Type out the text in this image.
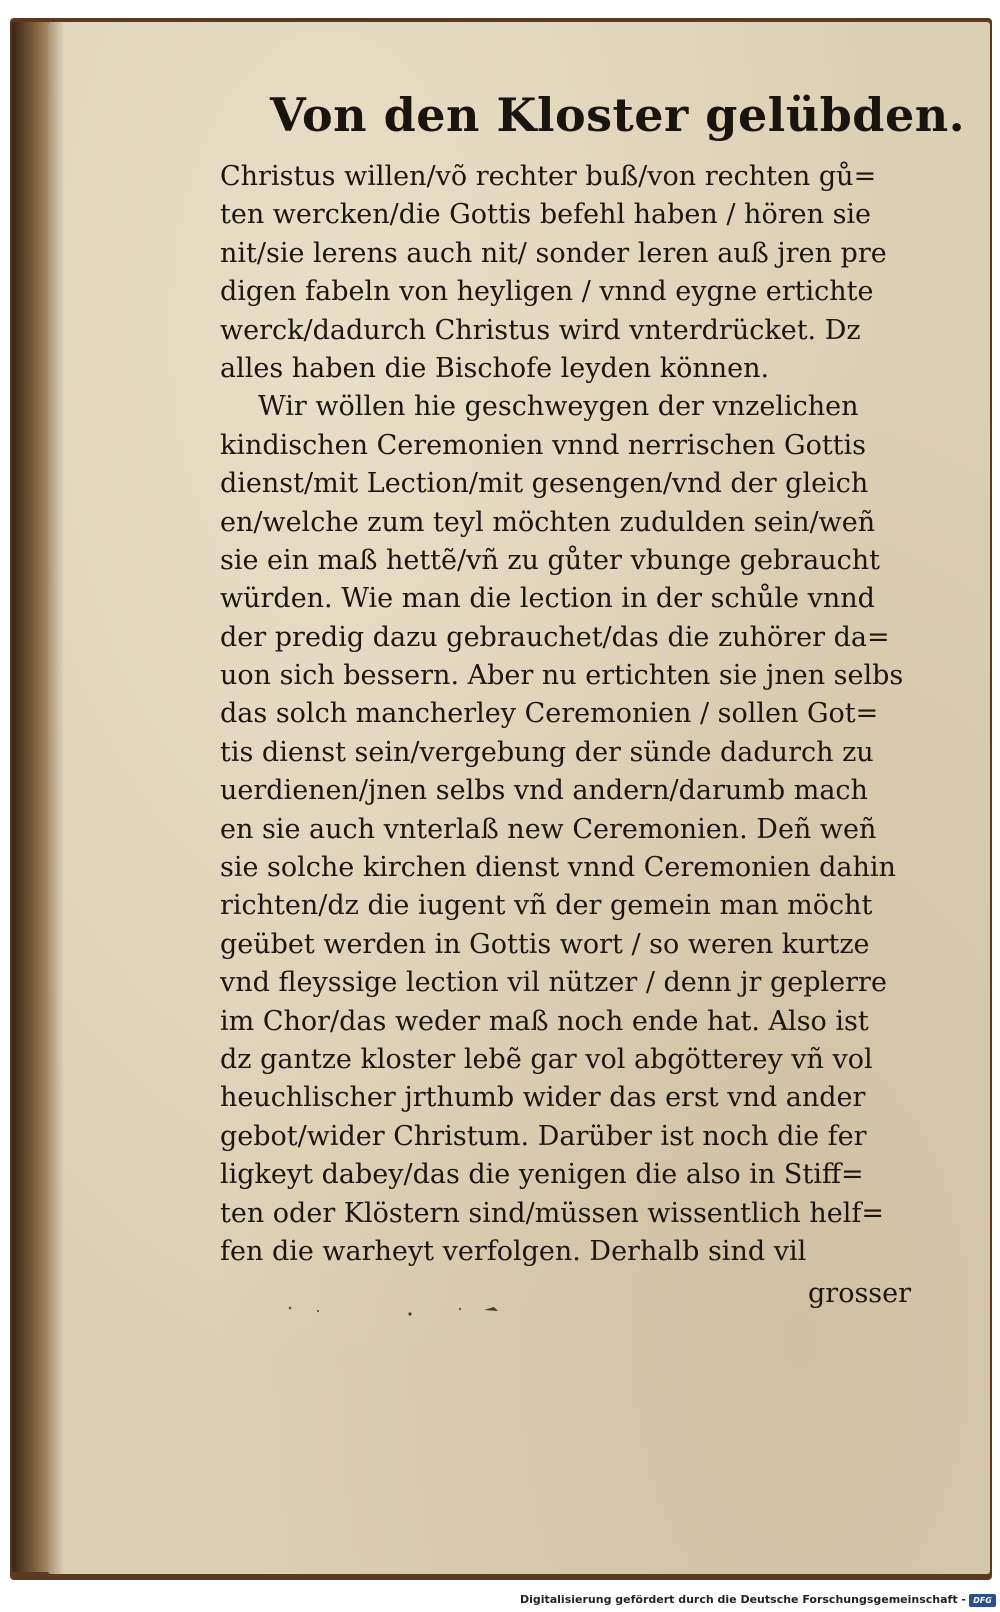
Von den Kloster gelübden.
Christus willen/võ rechter buß/von rechten gů=
ten wercken/die Gottis befehl haben / hören sie
nit/sie lerens auch nit/ sonder leren auß jren pre
digen fabeln von heyligen / vnnd eygne ertichte
werck/dadurch Christus wird vnterdrücket. Dz
alles haben die Bischofe leyden können.
Wir wöllen hie geschweygen der vnzelichen
kindischen Ceremonien vnnd nerrischen Gottis
dienst/mit Lection/mit gesengen/vnd der gleich
en/welche zum teyl möchten zudulden sein/weñ
sie ein maß hettẽ/vñ zu gůter vbunge gebraucht
würden. Wie man die lection in der schůle vnnd
der predig dazu gebrauchet/das die zuhörer da=
uon sich bessern. Aber nu ertichten sie jnen selbs
das solch mancherley Ceremonien / sollen Got=
tis dienst sein/vergebung der sünde dadurch zu
uerdienen/jnen selbs vnd andern/darumb mach
en sie auch vnterlaß new Ceremonien. Deñ weñ
sie solche kirchen dienst vnnd Ceremonien dahin
richten/dz die iugent vñ der gemein man möcht
geübet werden in Gottis wort / so weren kurtze
vnd fleyssige lection vil nützer / denn jr geplerre
im Chor/das weder maß noch ende hat. Also ist
dz gantze kloster lebẽ gar vol abgötterey vñ vol
heuchlischer jrthumb wider das erst vnd ander
gebot/wider Christum. Darüber ist noch die fer
ligkeyt dabey/das die yenigen die also in Stiff=
ten oder Klöstern sind/müssen wissentlich helf=
fen die warheyt verfolgen. Derhalb sind vil
grosser
Digitalisierung gefördert durch die Deutsche Forschungsgemeinschaft - DFG
